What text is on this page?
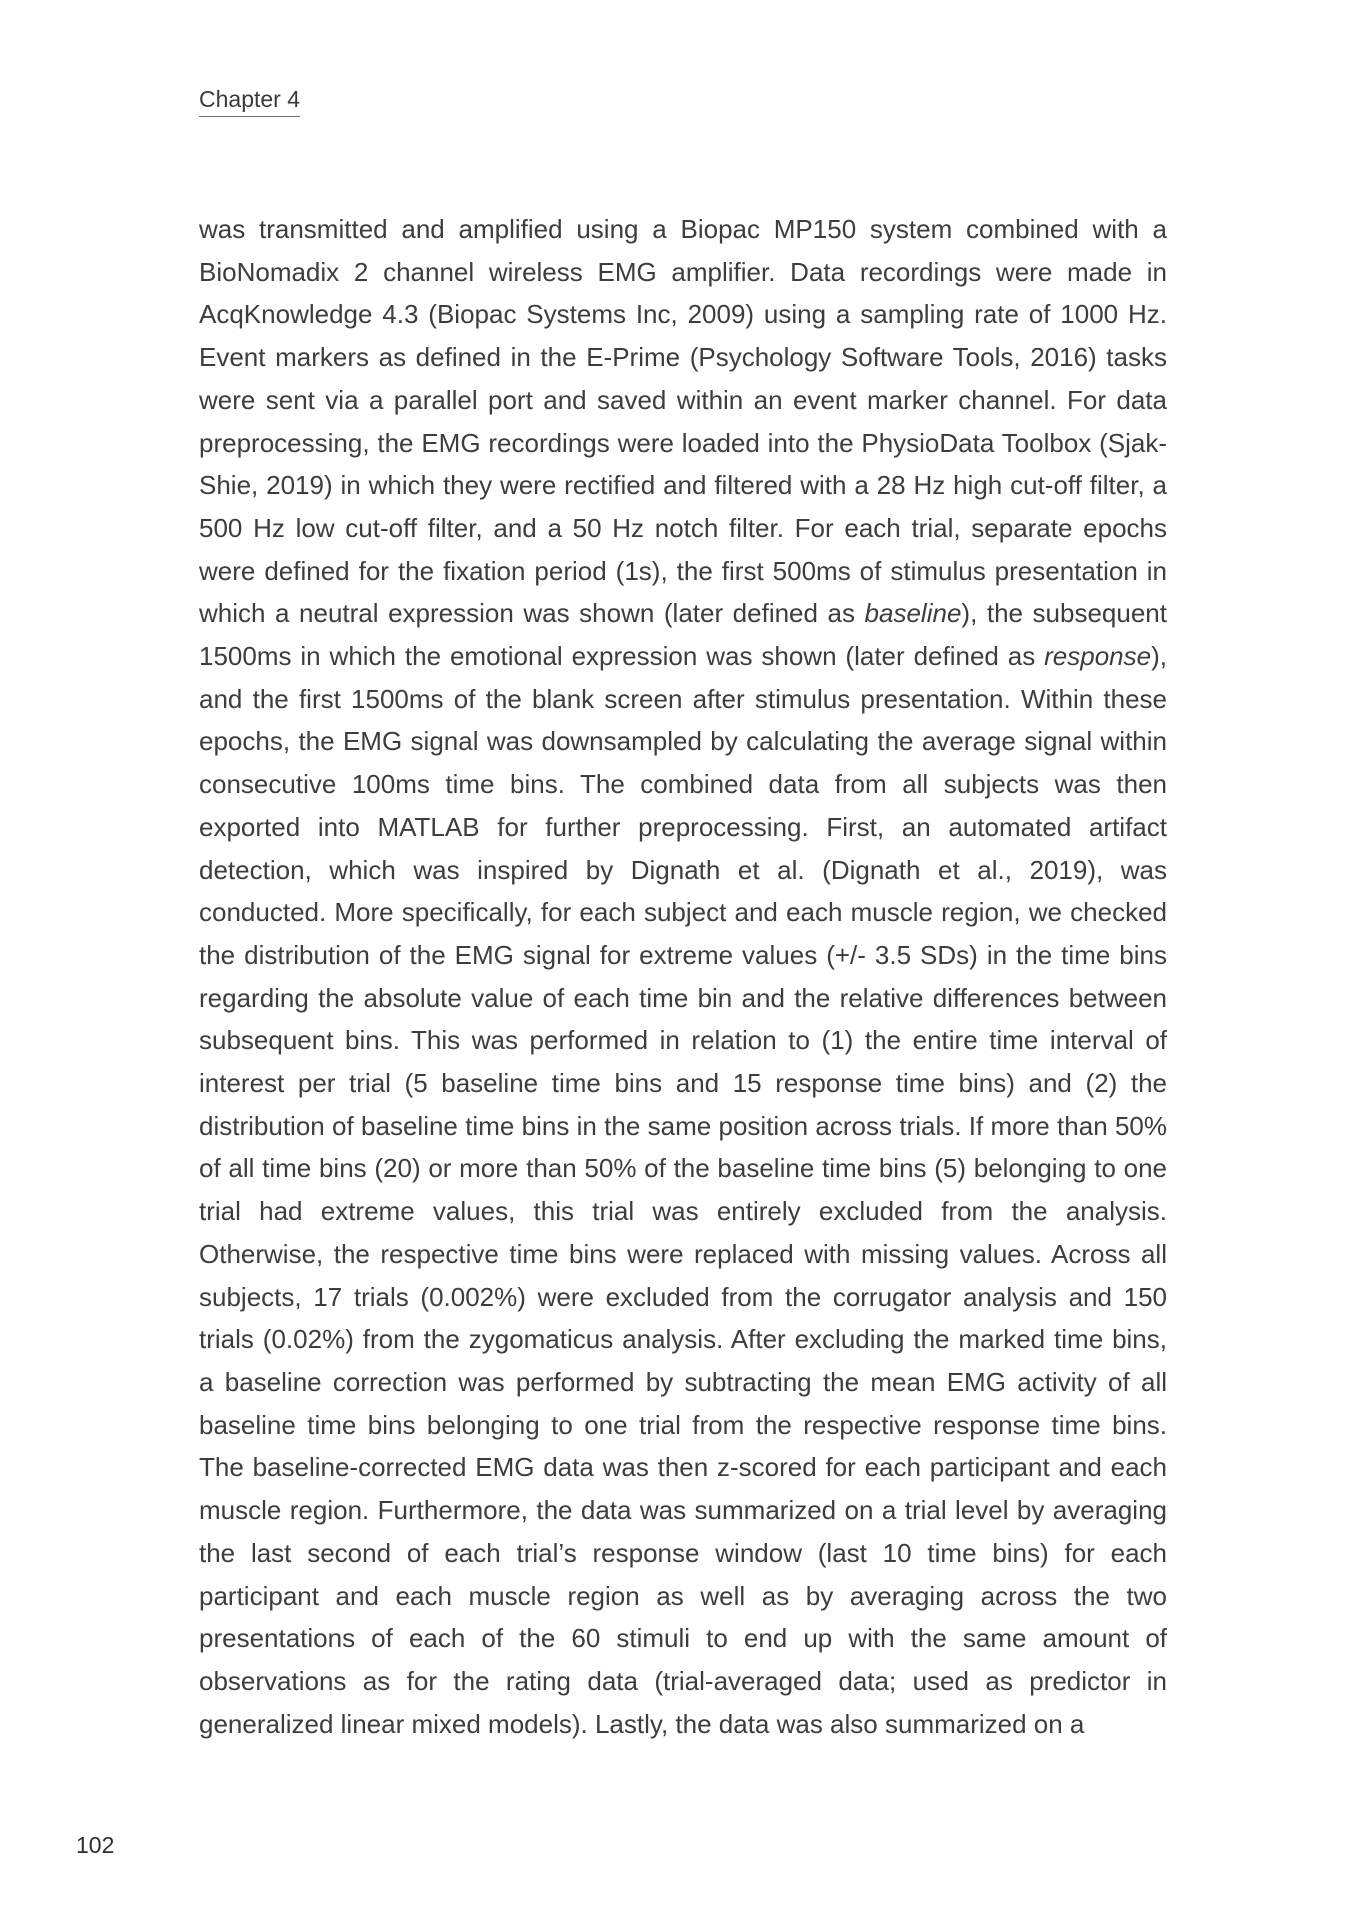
Chapter 4

was transmitted and amplified using a Biopac MP150 system combined with a BioNomadix 2 channel wireless EMG amplifier. Data recordings were made in AcqKnowledge 4.3 (Biopac Systems Inc, 2009) using a sampling rate of 1000 Hz. Event markers as defined in the E-Prime (Psychology Software Tools, 2016) tasks were sent via a parallel port and saved within an event marker channel. For data preprocessing, the EMG recordings were loaded into the PhysioData Toolbox (Sjak-Shie, 2019) in which they were rectified and filtered with a 28 Hz high cut-off filter, a 500 Hz low cut-off filter, and a 50 Hz notch filter. For each trial, separate epochs were defined for the fixation period (1s), the first 500ms of stimulus presentation in which a neutral expression was shown (later defined as baseline), the subsequent 1500ms in which the emotional expression was shown (later defined as response), and the first 1500ms of the blank screen after stimulus presentation. Within these epochs, the EMG signal was downsampled by calculating the average signal within consecutive 100ms time bins. The combined data from all subjects was then exported into MATLAB for further preprocessing. First, an automated artifact detection, which was inspired by Dignath et al. (Dignath et al., 2019), was conducted. More specifically, for each subject and each muscle region, we checked the distribution of the EMG signal for extreme values (+/- 3.5 SDs) in the time bins regarding the absolute value of each time bin and the relative differences between subsequent bins. This was performed in relation to (1) the entire time interval of interest per trial (5 baseline time bins and 15 response time bins) and (2) the distribution of baseline time bins in the same position across trials. If more than 50% of all time bins (20) or more than 50% of the baseline time bins (5) belonging to one trial had extreme values, this trial was entirely excluded from the analysis. Otherwise, the respective time bins were replaced with missing values. Across all subjects, 17 trials (0.002%) were excluded from the corrugator analysis and 150 trials (0.02%) from the zygomaticus analysis. After excluding the marked time bins, a baseline correction was performed by subtracting the mean EMG activity of all baseline time bins belonging to one trial from the respective response time bins. The baseline-corrected EMG data was then z-scored for each participant and each muscle region. Furthermore, the data was summarized on a trial level by averaging the last second of each trial’s response window (last 10 time bins) for each participant and each muscle region as well as by averaging across the two presentations of each of the 60 stimuli to end up with the same amount of observations as for the rating data (trial-averaged data; used as predictor in generalized linear mixed models). Lastly, the data was also summarized on a

102
